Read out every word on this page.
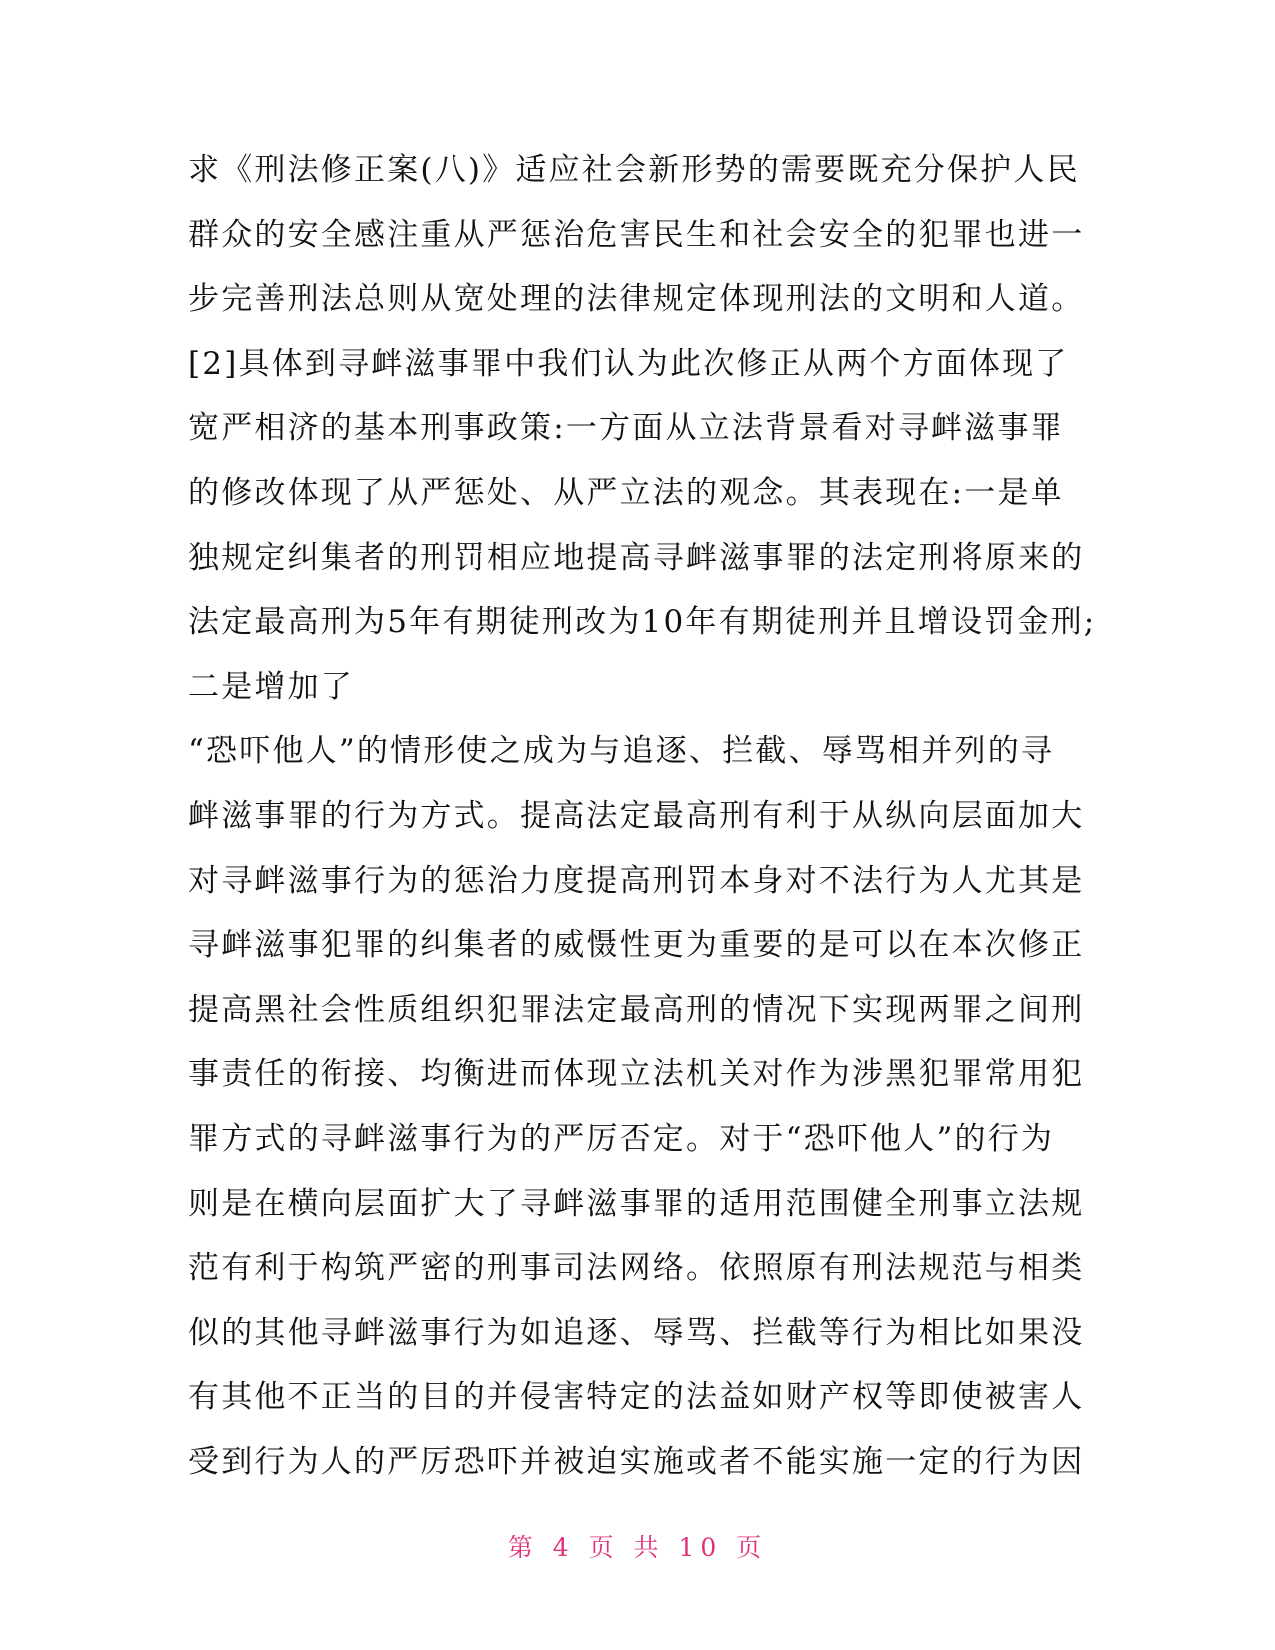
求《刑法修正案(八)》适应社会新形势的需要既充分保护人民
群众的安全感注重从严惩治危害民生和社会安全的犯罪也进一
步完善刑法总则从宽处理的法律规定体现刑法的文明和人道。
[2]具体到寻衅滋事罪中我们认为此次修正从两个方面体现了
宽严相济的基本刑事政策:一方面从立法背景看对寻衅滋事罪
的修改体现了从严惩处、从严立法的观念。其表现在:一是单
独规定纠集者的刑罚相应地提高寻衅滋事罪的法定刑将原来的
法定最高刑为5年有期徒刑改为10年有期徒刑并且增设罚金刑;
二是增加了
“恐吓他人”的情形使之成为与追逐、拦截、辱骂相并列的寻
衅滋事罪的行为方式。提高法定最高刑有利于从纵向层面加大
对寻衅滋事行为的惩治力度提高刑罚本身对不法行为人尤其是
寻衅滋事犯罪的纠集者的威慑性更为重要的是可以在本次修正
提高黑社会性质组织犯罪法定最高刑的情况下实现两罪之间刑
事责任的衔接、均衡进而体现立法机关对作为涉黑犯罪常用犯
罪方式的寻衅滋事行为的严厉否定。对于“恐吓他人”的行为
则是在横向层面扩大了寻衅滋事罪的适用范围健全刑事立法规
范有利于构筑严密的刑事司法网络。依照原有刑法规范与相类
似的其他寻衅滋事行为如追逐、辱骂、拦截等行为相比如果没
有其他不正当的目的并侵害特定的法益如财产权等即使被害人
受到行为人的严厉恐吓并被迫实施或者不能实施一定的行为因
第 4 页 共 10 页
